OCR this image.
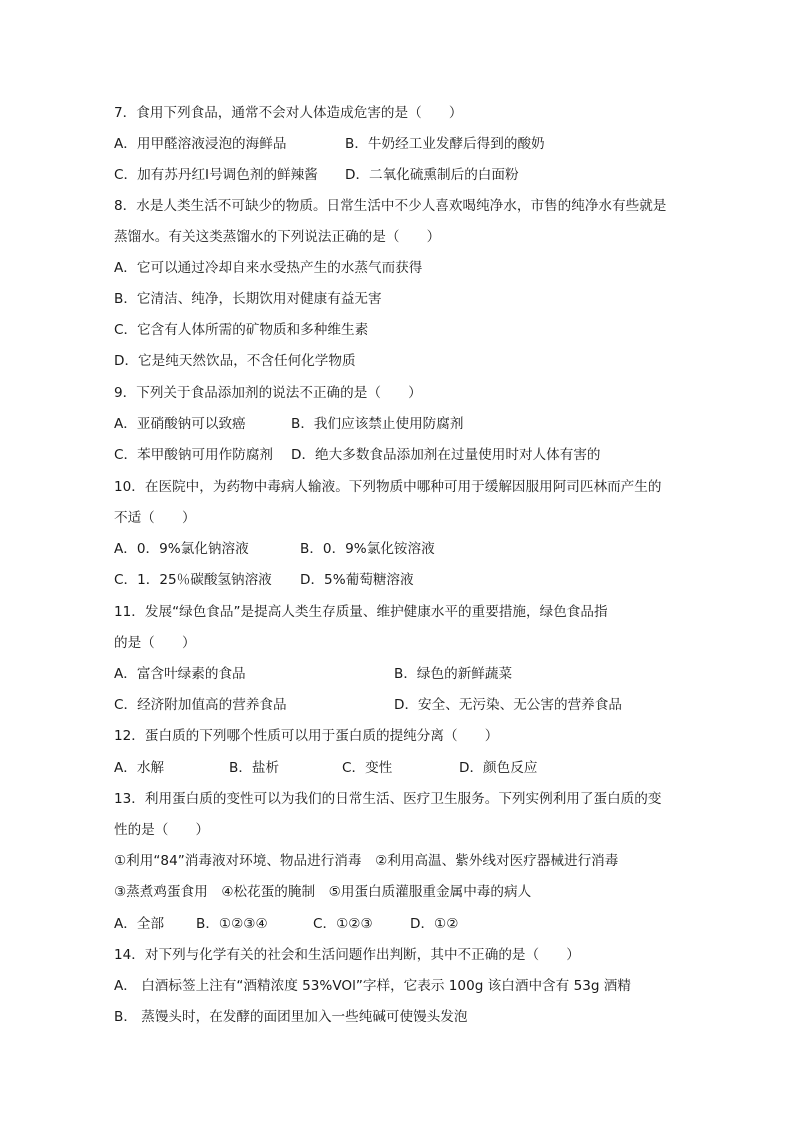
7．食用下列食品，通常不会对人体造成危害的是（　　）
A．用甲醛溶液浸泡的海鲜品	B．牛奶经工业发酵后得到的酸奶
C．加有苏丹红Ⅰ号调色剂的鲜辣酱 D．二氧化硫熏制后的白面粉
8．水是人类生活不可缺少的物质。日常生活中不少人喜欢喝纯净水，市售的纯净水有些就是
蒸馏水。有关这类蒸馏水的下列说法正确的是（　　）
A．它可以通过冷却自来水受热产生的水蒸气而获得
B．它清洁、纯净，长期饮用对健康有益无害
C．它含有人体所需的矿物质和多种维生素
D．它是纯天然饮品，不含任何化学物质
9．下列关于食品添加剂的说法不正确的是（　　）
A．亚硝酸钠可以致癌	B．我们应该禁止使用防腐剂
C．苯甲酸钠可用作防腐剂 D．绝大多数食品添加剂在过量使用时对人体有害的
10．在医院中，为药物中毒病人输液。下列物质中哪种可用于缓解因服用阿司匹林而产生的
不适（　　）
A．0．9%氯化钠溶液	B．0．9%氯化铵溶液
C．1．25％碳酸氢钠溶液 D．5%葡萄糖溶液
11．发展“绿色食品”是提高人类生存质量、维护健康水平的重要措施，绿色食品指
的是（　　）
A．富含叶绿素的食品	B．绿色的新鲜蔬菜
C．经济附加值高的营养食品	D．安全、无污染、无公害的营养食品
12．蛋白质的下列哪个性质可以用于蛋白质的提纯分离（　　）
A．水解	B．盐析	C．变性	D．颜色反应
13．利用蛋白质的变性可以为我们的日常生活、医疗卫生服务。下列实例利用了蛋白质的变
性的是（　　）
①利用“84”消毒液对环境、物品进行消毒　②利用高温、紫外线对医疗器械进行消毒
③蒸煮鸡蛋食用　④松花蛋的腌制　⑤用蛋白质灌服重金属中毒的病人
A．全部 B．①②③④	C．①②③	D．①②
14．对下列与化学有关的社会和生活问题作出判断，其中不正确的是（　　）
A． 白酒标签上注有“酒精浓度 53%VOl”字样，它表示 100g 该白酒中含有 53g 酒精
B． 蒸馒头时，在发酵的面团里加入一些纯碱可使馒头发泡
